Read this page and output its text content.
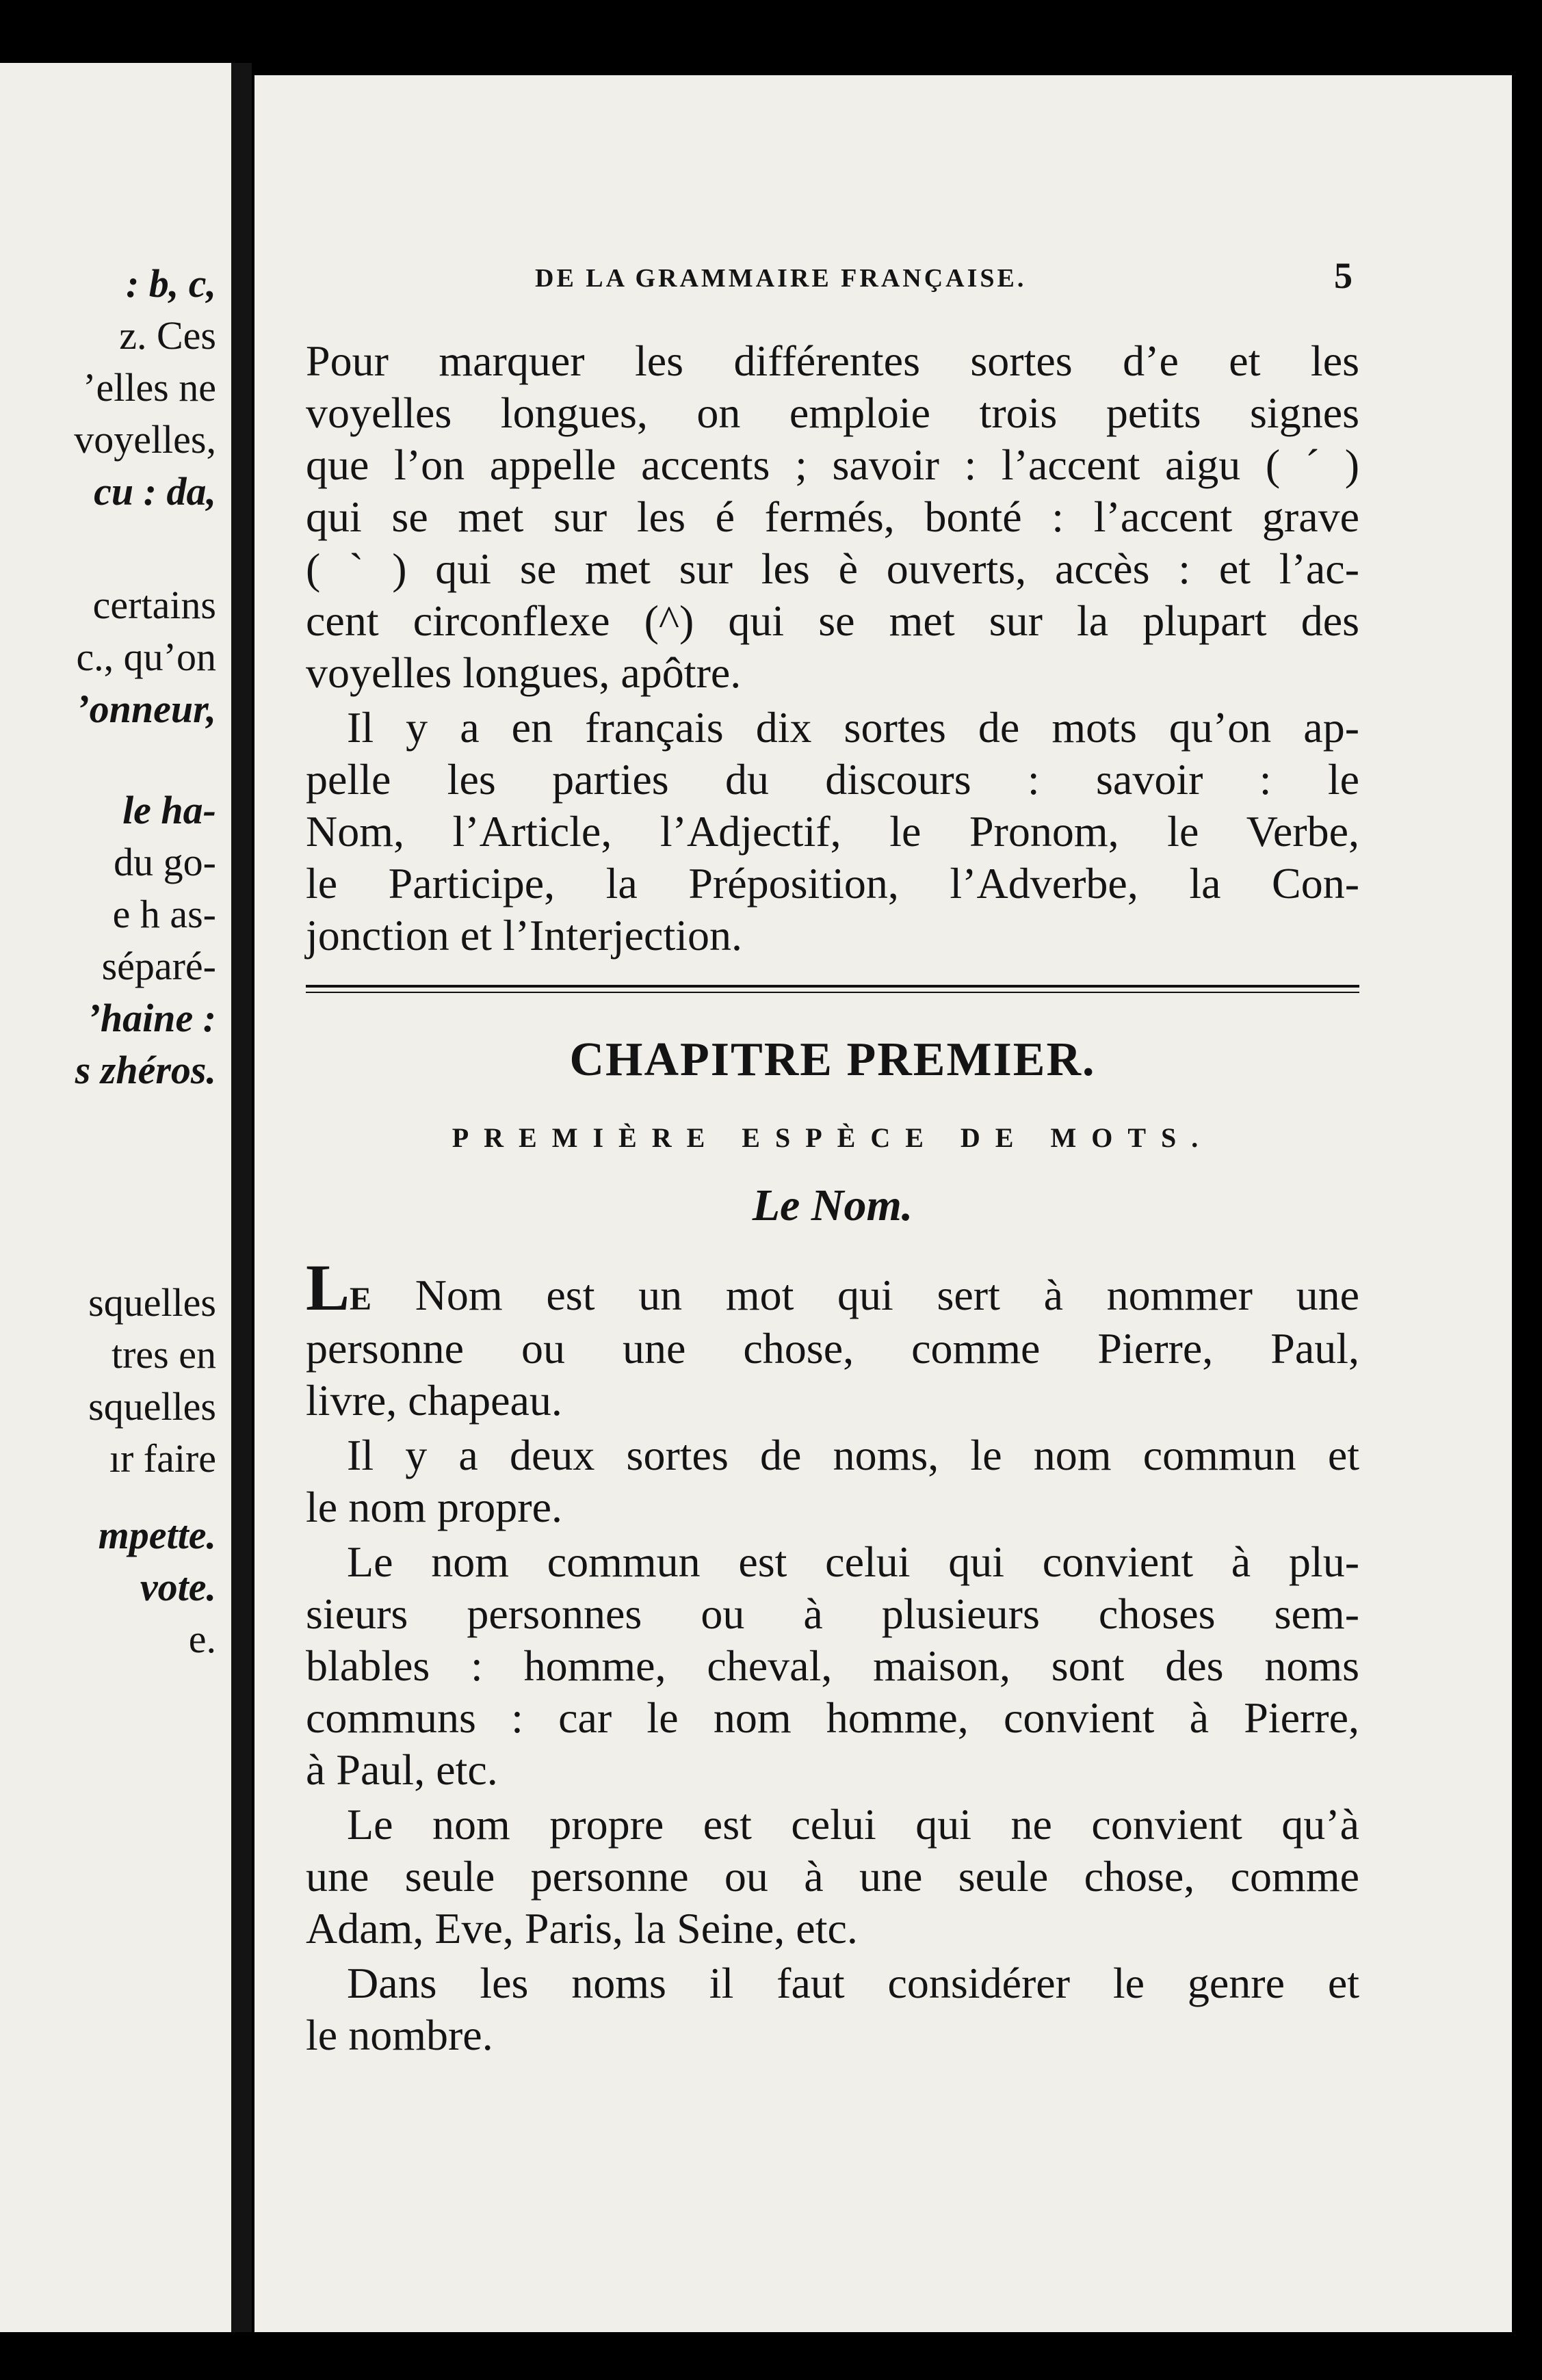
: b, c,
z. Ces
’elles ne
voyelles,
cu : da,
certains
c., qu’on
’onneur,
le ha-
du go-
e h as-
séparé-
’haine :
s zhéros.
squelles
tres en
squelles
ır faire
mpette.
vote.
e.
DE LA GRAMMAIRE FRANÇAISE.	5
Pour marquer les différentes sortes d’e et les
voyelles longues, on emploie trois petits signes
que l’on appelle accents ; savoir : l’accent aigu ( ´ )
qui se met sur les é fermés, bonté : l’accent grave
( ` ) qui se met sur les è ouverts, accès : et l’ac-
cent circonflexe (^) qui se met sur la plupart des
voyelles longues, apôtre.
Il y a en français dix sortes de mots qu’on ap-
pelle les parties du discours : savoir : le
Nom, l’Article, l’Adjectif, le Pronom, le Verbe,
le Participe, la Préposition, l’Adverbe, la Con-
jonction et l’Interjection.
CHAPITRE PREMIER.
PREMIÈRE ESPÈCE DE MOTS.
Le Nom.
LE Nom est un mot qui sert à nommer une
personne ou une chose, comme Pierre, Paul,
livre, chapeau.
Il y a deux sortes de noms, le nom commun et
le nom propre.
Le nom commun est celui qui convient à plu-
sieurs personnes ou à plusieurs choses sem-
blables : homme, cheval, maison, sont des noms
communs : car le nom homme, convient à Pierre,
à Paul, etc.
Le nom propre est celui qui ne convient qu’à
une seule personne ou à une seule chose, comme
Adam, Eve, Paris, la Seine, etc.
Dans les noms il faut considérer le genre et
le nombre.
